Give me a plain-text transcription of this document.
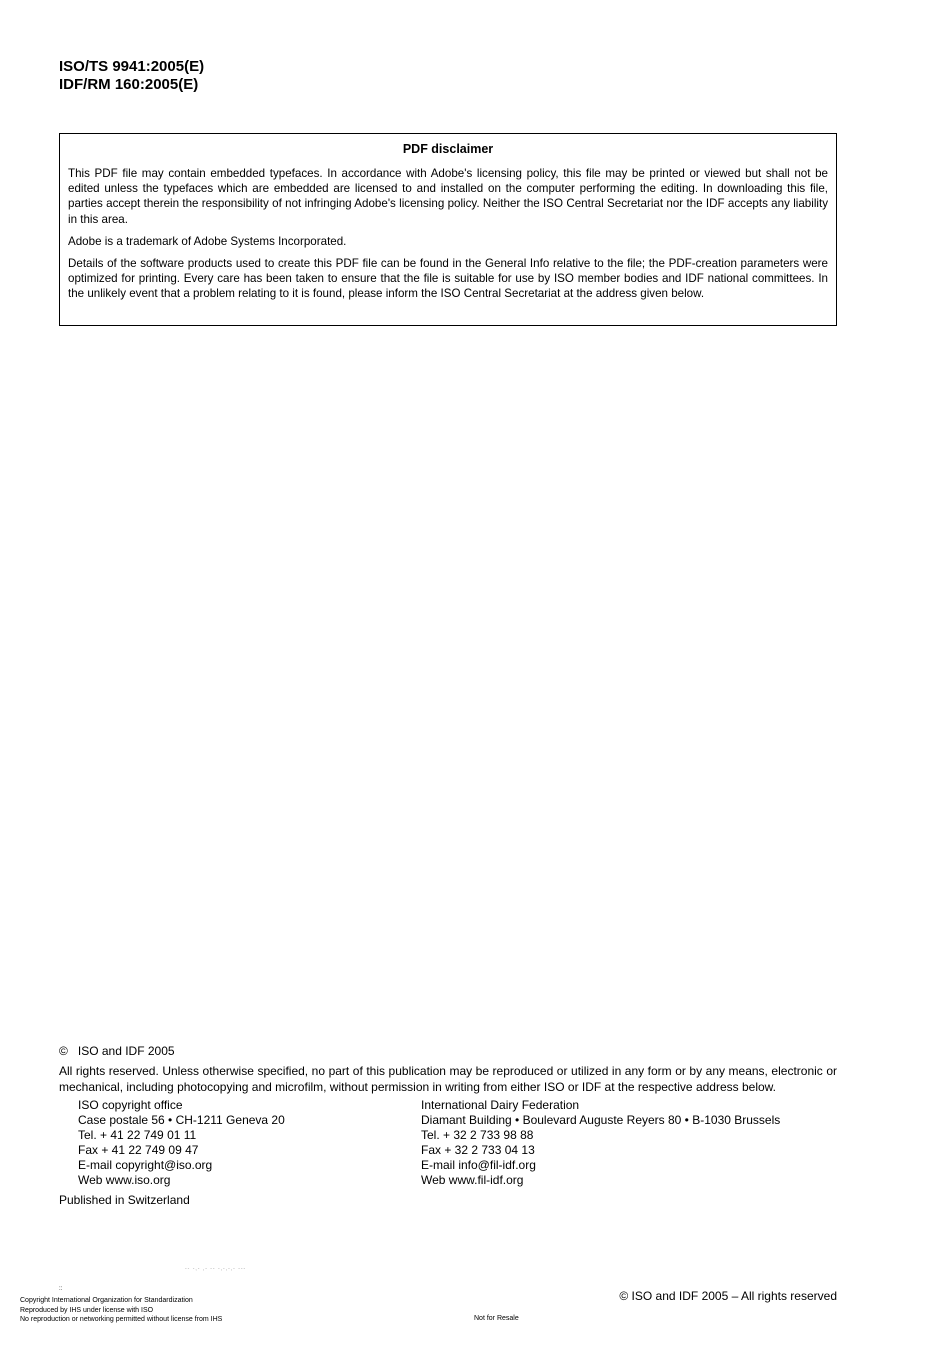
ISO/TS 9941:2005(E)
IDF/RM 160:2005(E)
PDF disclaimer

This PDF file may contain embedded typefaces. In accordance with Adobe's licensing policy, this file may be printed or viewed but shall not be edited unless the typefaces which are embedded are licensed to and installed on the computer performing the editing. In downloading this file, parties accept therein the responsibility of not infringing Adobe's licensing policy. Neither the ISO Central Secretariat nor the IDF accepts any liability in this area.

Adobe is a trademark of Adobe Systems Incorporated.

Details of the software products used to create this PDF file can be found in the General Info relative to the file; the PDF-creation parameters were optimized for printing. Every care has been taken to ensure that the file is suitable for use by ISO member bodies and IDF national committees. In the unlikely event that a problem relating to it is found, please inform the ISO Central Secretariat at the address given below.

© ISO and IDF 2005

All rights reserved. Unless otherwise specified, no part of this publication may be reproduced or utilized in any form or by any means, electronic or mechanical, including photocopying and microfilm, without permission in writing from either ISO or IDF at the respective address below.

ISO copyright office
Case postale 56 • CH-1211 Geneva 20
Tel. + 41 22 749 01 11
Fax + 41 22 749 09 47
E-mail copyright@iso.org
Web www.iso.org
International Dairy Federation
Diamant Building • Boulevard Auguste Reyers 80 • B-1030 Brussels
Tel. + 32 2 733 98 88
Fax + 32 2 733 04 13
E-mail info@fil-idf.org
Web www.fil-idf.org
Published in Switzerland
-- -,- ,- -- -,-,-,- ---
::
Copyright International Organization for Standardization
Reproduced by IHS under license with ISO
No reproduction or networking permitted without license from IHS	Not for Resale
© ISO and IDF 2005 – All rights reserved
